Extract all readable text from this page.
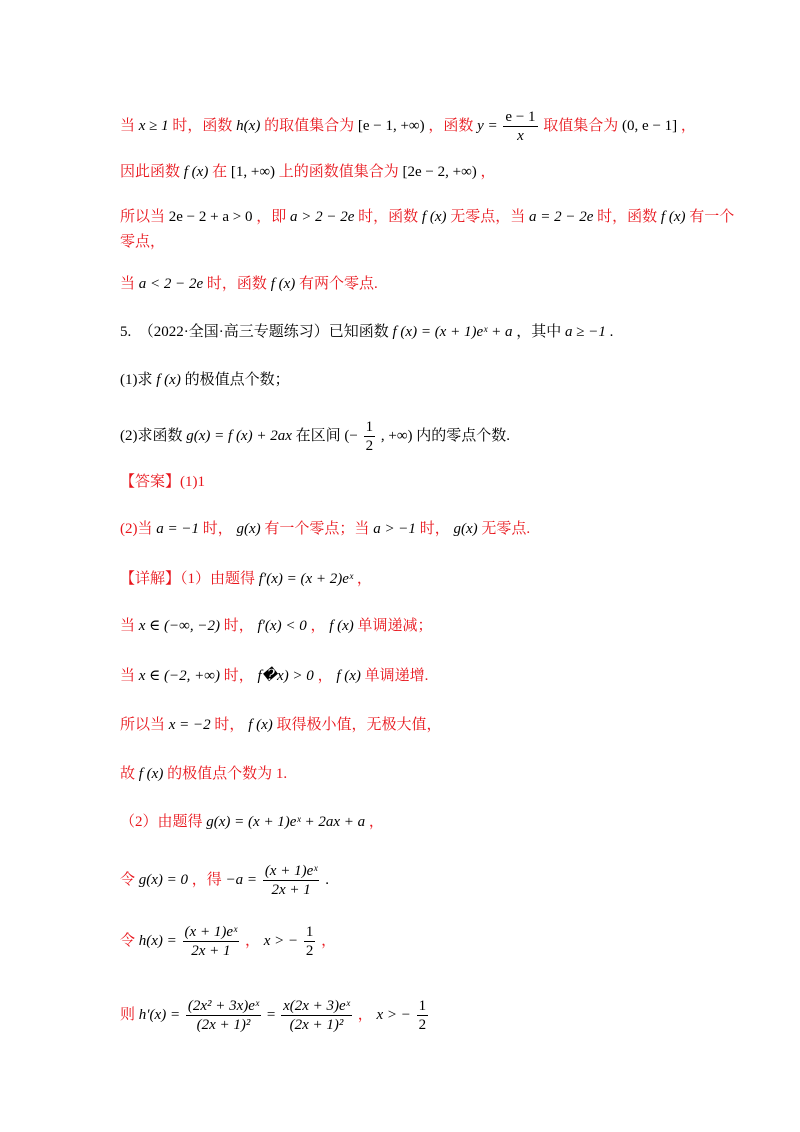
当 x ≥ 1 时，函数 h(x) 的取值集合为 [e − 1, +∞) ，函数 $y = \frac{e - 1}{x}$ 取值集合为 (0, e − 1] ，
因此函数 f (x) 在 [1, +∞) 上的函数值集合为 [2e − 2, +∞) ，
所以当 2e − 2 + a > 0 ，即 a > 2 − 2e 时，函数 f (x) 无零点，当 a = 2 − 2e 时，函数 f (x) 有一个
零点，
当 a < 2 − 2e 时，函数 f (x) 有两个零点.
5.　（2022·全国·高三专题练习）已知函数 f (x) = (x + 1)eˣ + a ，其中 a ≥ −1 .
(1)求 f (x) 的极值点个数；
(2)求函数 g(x) = f (x) + 2ax 在区间 (− $\frac{1}{2}$ , +∞) 内的零点个数.
【答案】(1)1
(2)当 a = −1 时， g(x) 有一个零点；当 a > −1 时， g(x) 无零点.
【详解】（1）由题得 f′(x) = (x + 2)eˣ ，
当 x ∈ (−∞, −2) 时， f′(x) < 0 ， f (x) 单调递减；
当 x ∈ (−2, +∞) 时， f�x) > 0 ， f (x) 单调递增.
所以当 x = −2 时， f (x) 取得极小值，无极大值，
故 f (x) 的极值点个数为 1.
（2）由题得 g(x) = (x + 1)eˣ + 2ax + a ，
令 g(x) = 0 ，得 $-a = \frac{\text{(x + 1)eˣ}}{2x + 1}$ .
令 $h(x) = \frac{\text{(x + 1)eˣ}}{2x + 1}$ ， x > − $\frac{1}{2}$ ，
则 $h'(x) = \frac{\text{(2x² + 3x)eˣ}}{\text{(2x + 1)²}} = \frac{\text{x(2x + 3)eˣ}}{\text{(2x + 1)²}}$ ， x > − $\frac{1}{2}$
